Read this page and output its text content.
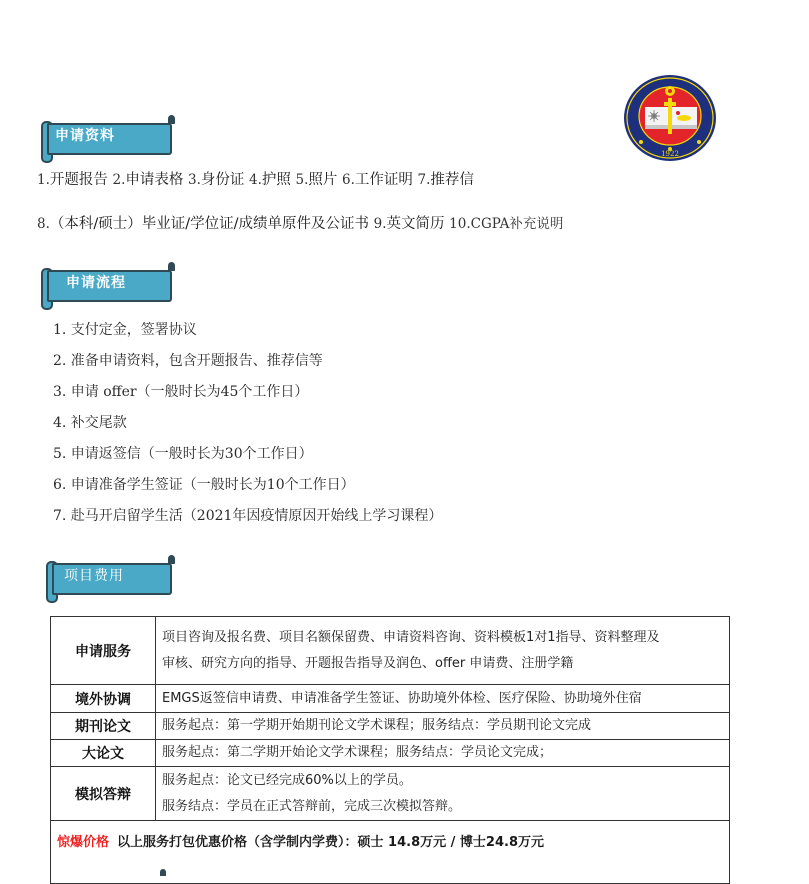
1922
申请资料
1.开题报告 2.申请表格 3.身份证 4.护照 5.照片 6.工作证明 7.推荐信
8.（本科/硕士）毕业证/学位证/成绩单原件及公证书 9.英文简历 10.CGPA补充说明
申请流程
1. 支付定金，签署协议
2. 准备申请资料，包含开题报告、推荐信等
3. 申请 offer（一般时长为45个工作日）
4. 补交尾款
5. 申请返签信（一般时长为30个工作日）
6. 申请准备学生签证（一般时长为10个工作日）
7. 赴马开启留学生活（2021年因疫情原因开始线上学习课程）
项目费用
申请服务	项目咨询及报名费、项目名额保留费、申请资料咨询、资料模板1对1指导、资料整理及
审核、研究方向的指导、开题报告指导及润色、offer 申请费、注册学籍

境外协调	EMGS返签信申请费、申请准备学生签证、协助境外体检、医疗保险、协助境外住宿
期刊论文	服务起点：第一学期开始期刊论文学术课程；服务结点：学员期刊论文完成
大论文	服务起点：第二学期开始论文学术课程；服务结点：学员论文完成；
模拟答辩	服务起点：论文已经完成60%以上的学员。
服务结点：学员在正式答辩前，完成三次模拟答辩。

惊爆价格 以上服务打包优惠价格（含学制内学费）：硕士 14.8万元 / 博士24.8万元	
